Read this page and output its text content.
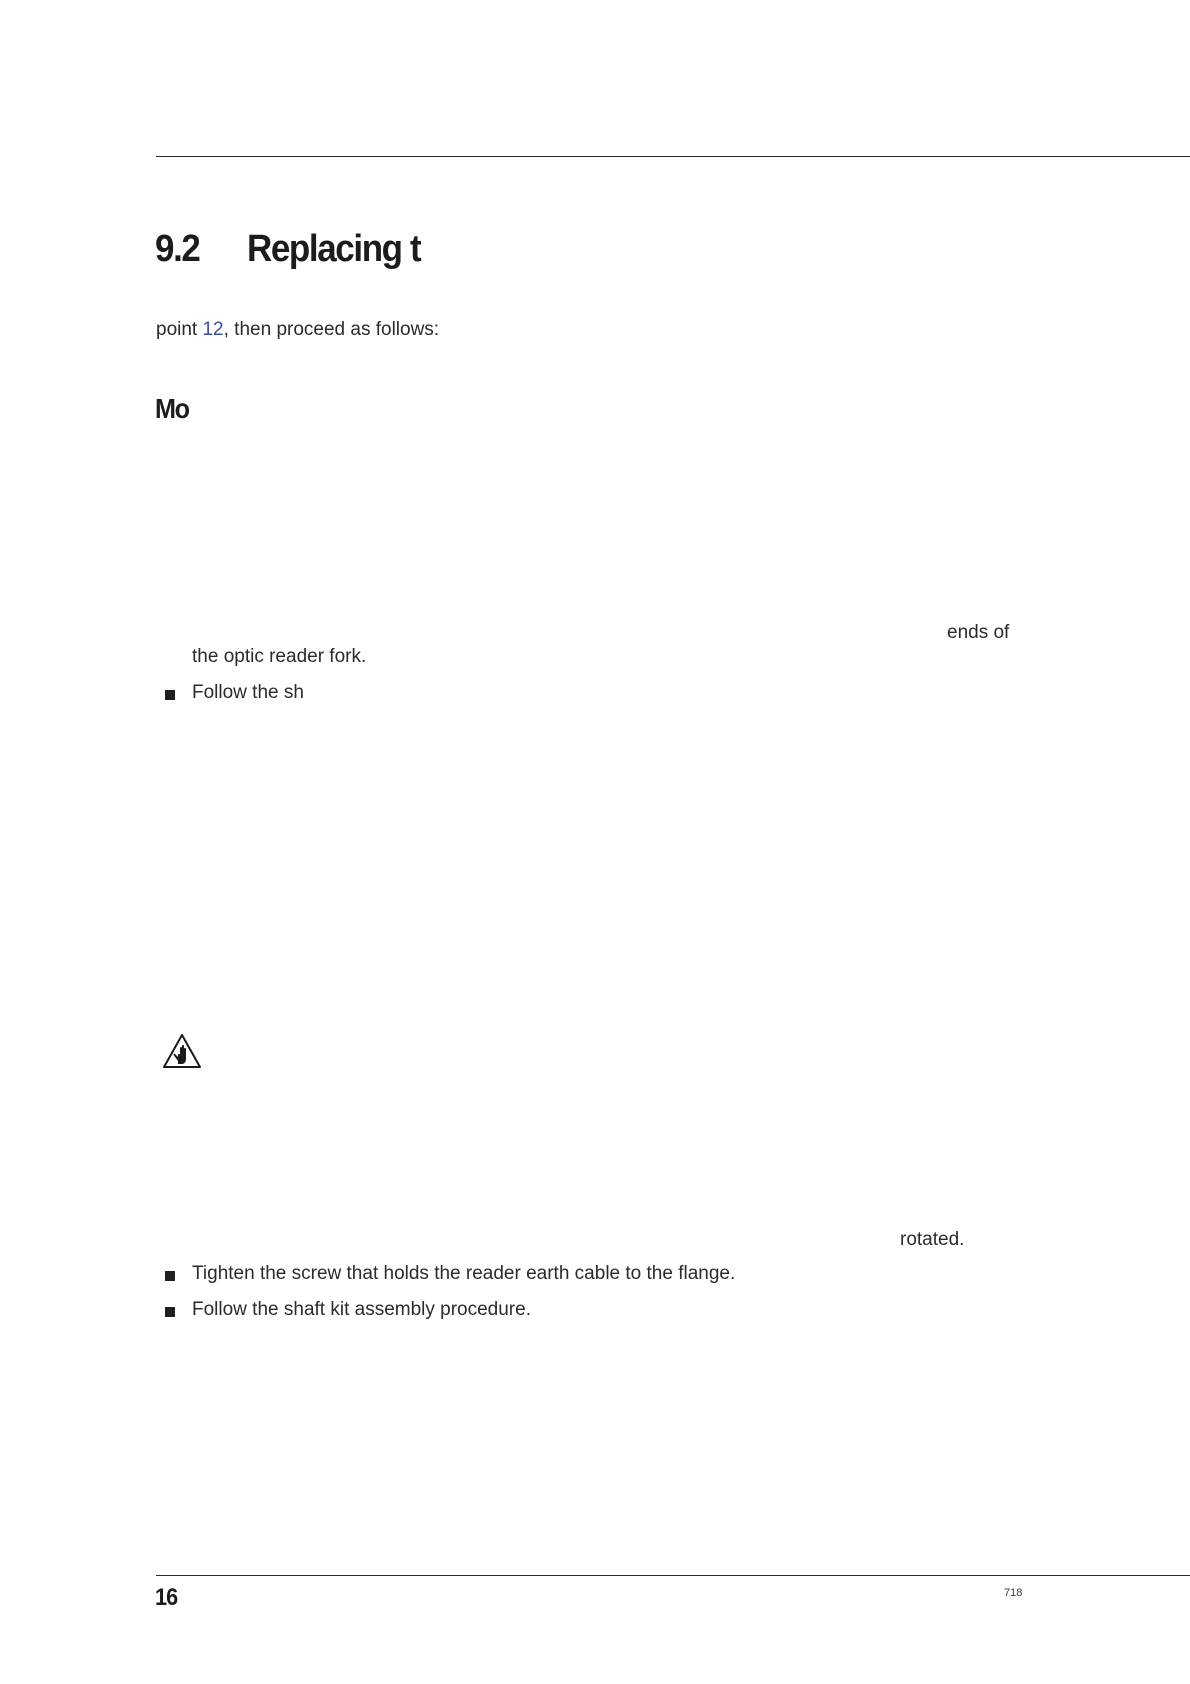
9.2 Replacing t
point 12, then proceed as follows:
Mo
ends of
the optic reader fork.
Follow the sh
rotated.
Tighten the screw that holds the reader earth cable to the flange.
Follow the shaft kit assembly procedure.
16	718
